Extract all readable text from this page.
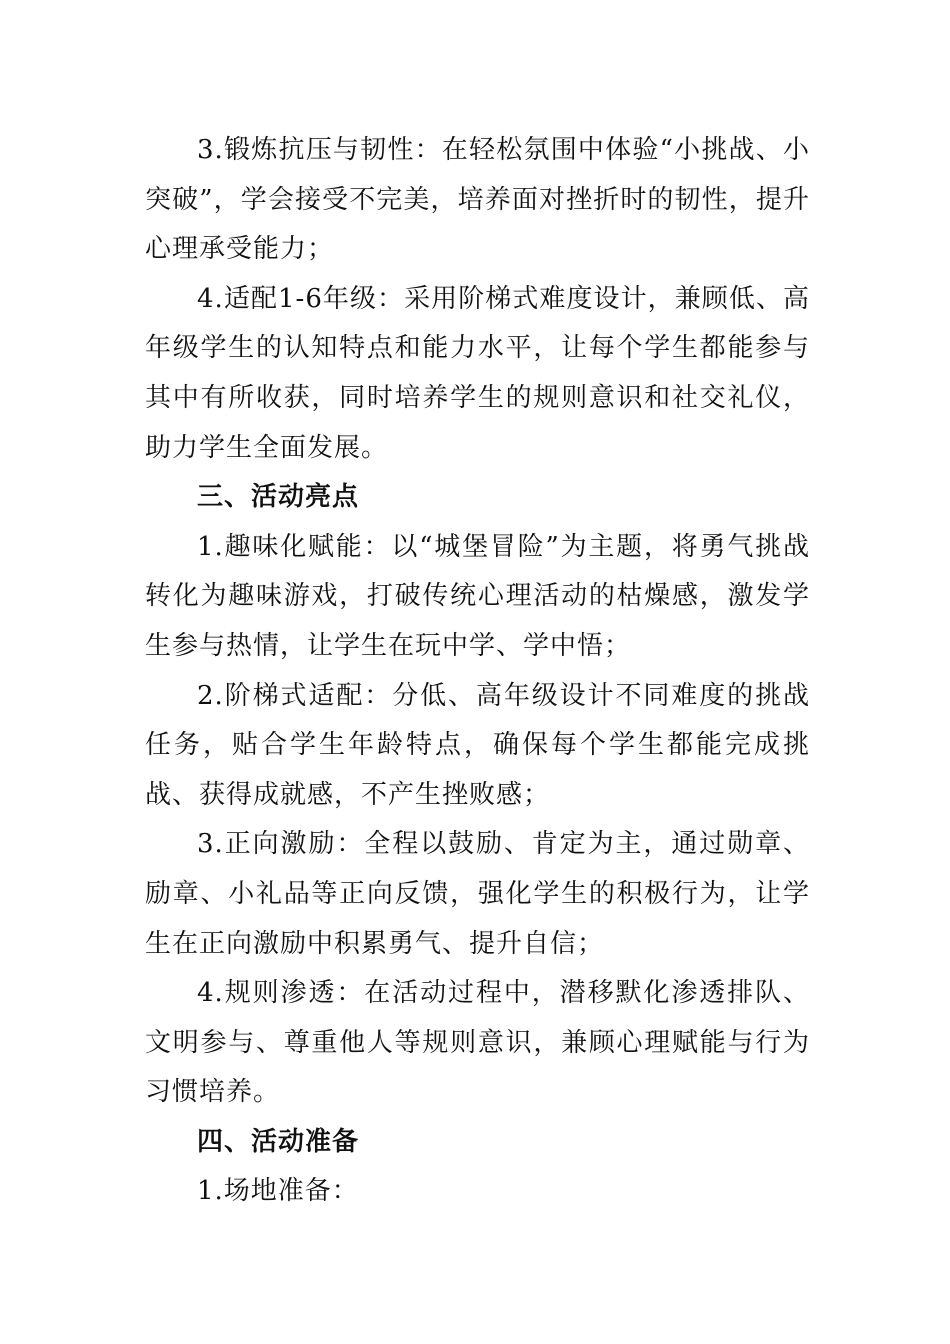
3.锻炼抗压与韧性：在轻松氛围中体验“小挑战、小突破”，学会接受不完美，培养面对挫折时的韧性，提升心理承受能力；

4.适配1-6年级：采用阶梯式难度设计，兼顾低、高年级学生的认知特点和能力水平，让每个学生都能参与其中有所收获，同时培养学生的规则意识和社交礼仪，助力学生全面发展。

三、活动亮点

1.趣味化赋能：以“城堡冒险”为主题，将勇气挑战转化为趣味游戏，打破传统心理活动的枯燥感，激发学生参与热情，让学生在玩中学、学中悟；

2.阶梯式适配：分低、高年级设计不同难度的挑战任务，贴合学生年龄特点，确保每个学生都能完成挑战、获得成就感，不产生挫败感；

3.正向激励：全程以鼓励、肯定为主，通过勋章、励章、小礼品等正向反馈，强化学生的积极行为，让学生在正向激励中积累勇气、提升自信；

4.规则渗透：在活动过程中，潜移默化渗透排队、文明参与、尊重他人等规则意识，兼顾心理赋能与行为习惯培养。

四、活动准备

1.场地准备：
